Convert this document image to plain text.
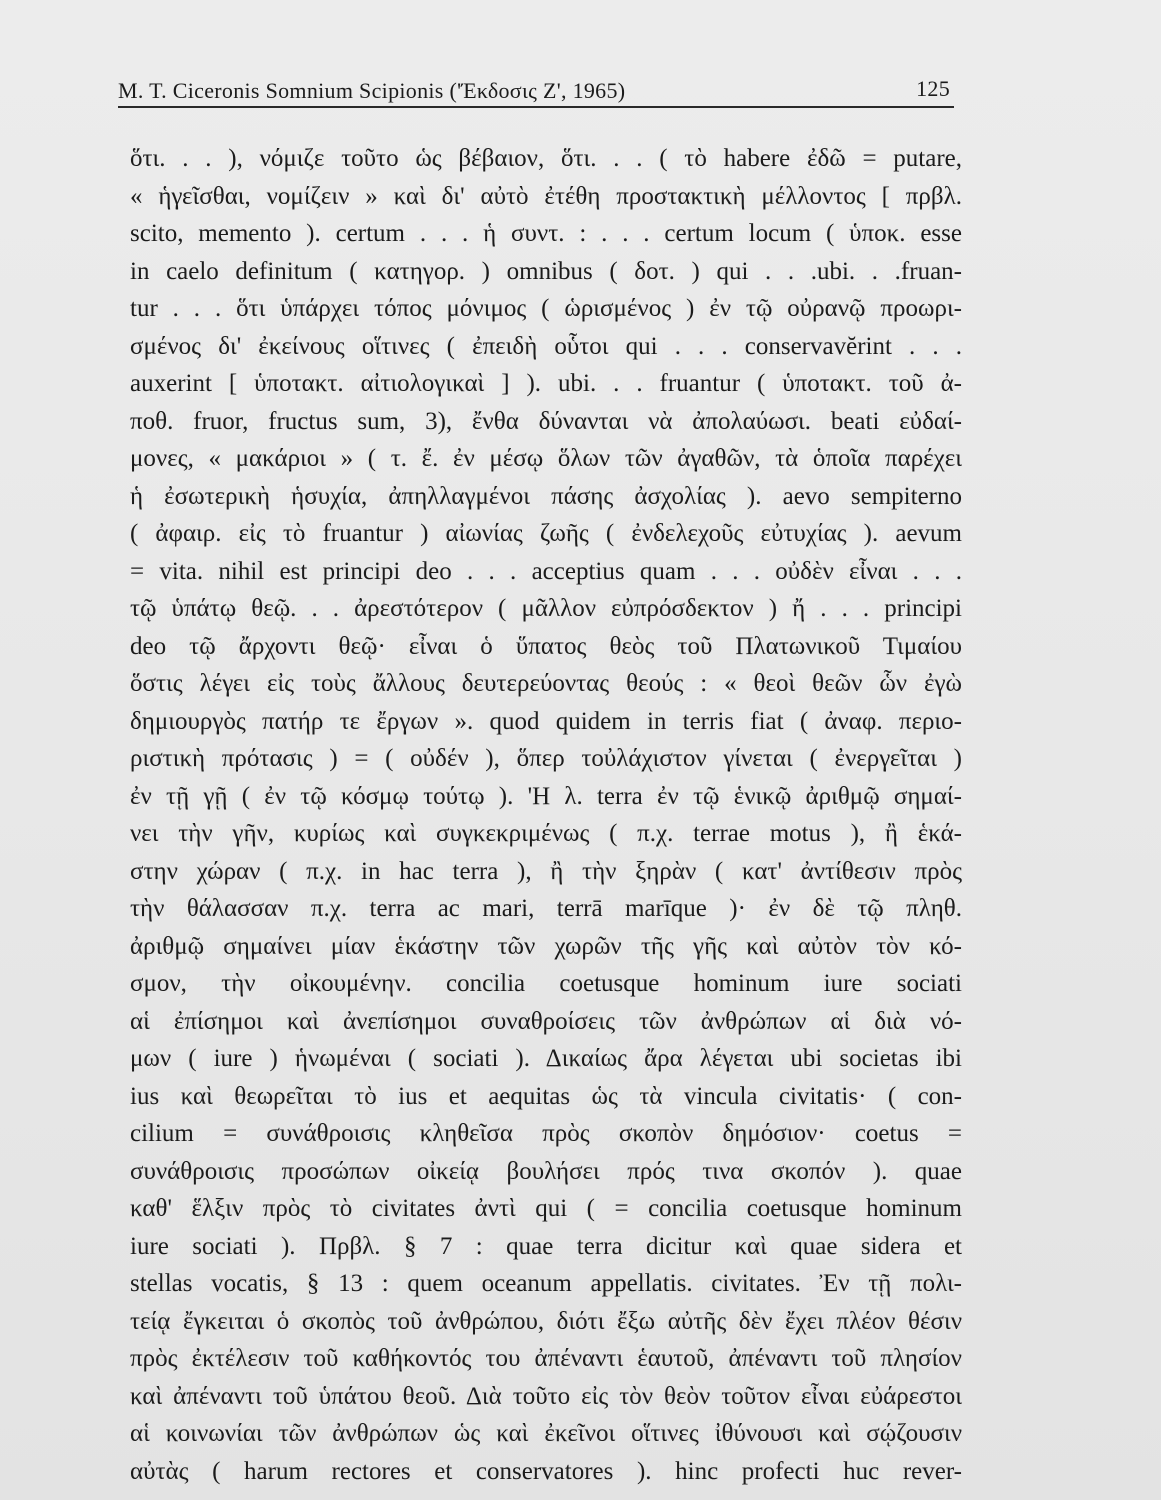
M. T. Ciceronis Somnium Scipionis ('Έκδοσις Ζ', 1965)	125
ὅτι. . . ), νόμιζε τοῦτο ὡς βέβαιον, ὅτι. . . ( τὸ habere ἐδῶ = putare,
« ἡγεῖσθαι, νομίζειν » καὶ δι' αὐτὸ ἐτέθη προστακτικὴ μέλλοντος [ πρβλ.
scito, memento ). certum . . . ἡ συντ. : . . . certum locum ( ὑποκ. esse
in caelo definitum ( κατηγορ. ) omnibus ( δοτ. ) qui . . .ubi. . .fruan-
tur . . . ὅτι ὑπάρχει τόπος μόνιμος ( ὡρισμένος ) ἐν τῷ οὐρανῷ προωρι-
σμένος δι' ἐκείνους οἵτινες ( ἐπειδὴ οὗτοι qui . . . conservavĕrint . . .
auxerint [ ὑποτακτ. αἰτιολογικαὶ ] ). ubi. . . fruantur ( ὑποτακτ. τοῦ ἀ-
ποθ. fruor, fructus sum, 3), ἔνθα δύνανται νὰ ἀπολαύωσι. beati εὐδαί-
μονες, « μακάριοι » ( τ. ἔ. ἐν μέσῳ ὅλων τῶν ἀγαθῶν, τὰ ὁποῖα παρέχει
ἡ ἐσωτερικὴ ἡσυχία, ἀπηλλαγμένοι πάσης ἀσχολίας ). aevo sempiterno
( ἀφαιρ. εἰς τὸ fruantur ) αἰωνίας ζωῆς ( ἐνδελεχοῦς εὐτυχίας ). aevum
= vita. nihil est principi deo . . . acceptius quam . . . οὐδὲν εἶναι . . .
τῷ ὑπάτῳ θεῷ. . . ἀρεστότερον ( μᾶλλον εὐπρόσδεκτον ) ἤ . . . principi
deo τῷ ἄρχοντι θεῷ· εἶναι ὁ ὕπατος θεὸς τοῦ Πλατωνικοῦ Τιμαίου
ὅστις λέγει εἰς τοὺς ἄλλους δευτερεύοντας θεούς : « θεοὶ θεῶν ὧν ἐγὼ
δημιουργὸς πατήρ τε ἔργων ». quod quidem in terris fiat ( ἀναφ. περιο-
ριστικὴ πρότασις ) = ( οὐδέν ), ὅπερ τοὐλάχιστον γίνεται ( ἐνεργεῖται )
ἐν τῇ γῇ ( ἐν τῷ κόσμῳ τούτῳ ). 'Η λ. terra ἐν τῷ ἑνικῷ ἀριθμῷ σημαί-
νει τὴν γῆν, κυρίως καὶ συγκεκριμένως ( π.χ. terrae motus ), ἢ ἑκά-
στην χώραν ( π.χ. in hac terra ), ἢ τὴν ξηρὰν ( κατ' ἀντίθεσιν πρὸς
τὴν θάλασσαν π.χ. terra ac mari, terrā marīque )· ἐν δὲ τῷ πληθ.
ἀριθμῷ σημαίνει μίαν ἑκάστην τῶν χωρῶν τῆς γῆς καὶ αὐτὸν τὸν κό-
σμον, τὴν οἰκουμένην. concilia coetusque hominum iure sociati
αἱ ἐπίσημοι καὶ ἀνεπίσημοι συναθροίσεις τῶν ἀνθρώπων αἱ διὰ νό-
μων ( iure ) ἡνωμέναι ( sociati ). Δικαίως ἄρα λέγεται ubi societas ibi
ius καὶ θεωρεῖται τὸ ius et aequitas ὡς τὰ vincula civitatis· ( con-
cilium = συνάθροισις κληθεῖσα πρὸς σκοπὸν δημόσιον· coetus =
συνάθροισις προσώπων οἰκείᾳ βουλήσει πρός τινα σκοπόν ). quae
καθ' ἕλξιν πρὸς τὸ civitates ἀντὶ qui ( = concilia coetusque hominum
iure sociati ). Πρβλ. § 7 : quae terra dicitur καὶ quae sidera et
stellas vocatis, § 13 : quem oceanum appellatis. civitates. Ἐν τῇ πολι-
τείᾳ ἔγκειται ὁ σκοπὸς τοῦ ἀνθρώπου, διότι ἔξω αὐτῆς δὲν ἔχει πλέον θέσιν
πρὸς ἐκτέλεσιν τοῦ καθήκοντός του ἀπέναντι ἑαυτοῦ, ἀπέναντι τοῦ πλησίον
καὶ ἀπέναντι τοῦ ὑπάτου θεοῦ. Διὰ τοῦτο εἰς τὸν θεὸν τοῦτον εἶναι εὐάρεστοι
αἱ κοινωνίαι τῶν ἀνθρώπων ὡς καὶ ἐκεῖνοι οἵτινες ἰθύνουσι καὶ σῴζουσιν
αὐτὰς ( harum rectores et conservatores ). hinc profecti huc rever-
